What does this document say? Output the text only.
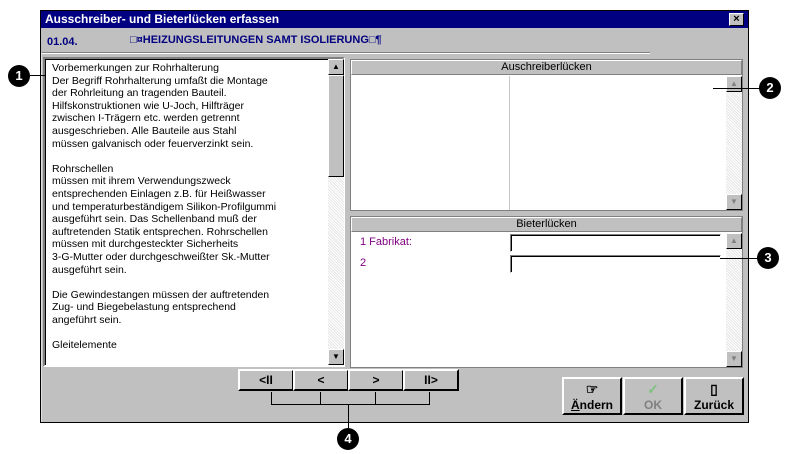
Ausschreiber- und Bieterlücken erfassen	×
01.04.	□¤HEIZUNGSLEITUNGEN SAMT ISOLIERUNG□¶
Vorbemerkungen zur Rohrhalterung
Der Begriff Rohrhalterung umfaßt die Montage
der Rohrleitung an tragenden Bauteil.
Hilfskonstruktionen wie U-Joch, Hilfträger
zwischen I-Trägern etc. werden getrennt
ausgeschrieben. Alle Bauteile aus Stahl
müssen galvanisch oder feuerverzinkt sein.
Rohrschellen
müssen mit ihrem Verwendungszweck
entsprechenden Einlagen z.B. für Heißwasser
und temperaturbeständigem Silikon-Profilgummi
ausgeführt sein. Das Schellenband muß der
auftretenden Statik entsprechen. Rohrschellen
müssen mit durchgesteckter Sicherheits
3-G-Mutter oder durchgeschweißter Sk.-Mutter
ausgeführt sein.
Die Gewindestangen müssen der auftretenden
Zug- und Biegebelastung entsprechend
angeführt sein.
Gleitelemente
▲
▼
Auschreiberlücken
▲
▼
Bieterlücken
1 Fabrikat:
2
▲
▼
<II	<	>	II>
☞
Ändern
✓
OK
▯
Zurück
1
2
3
4
